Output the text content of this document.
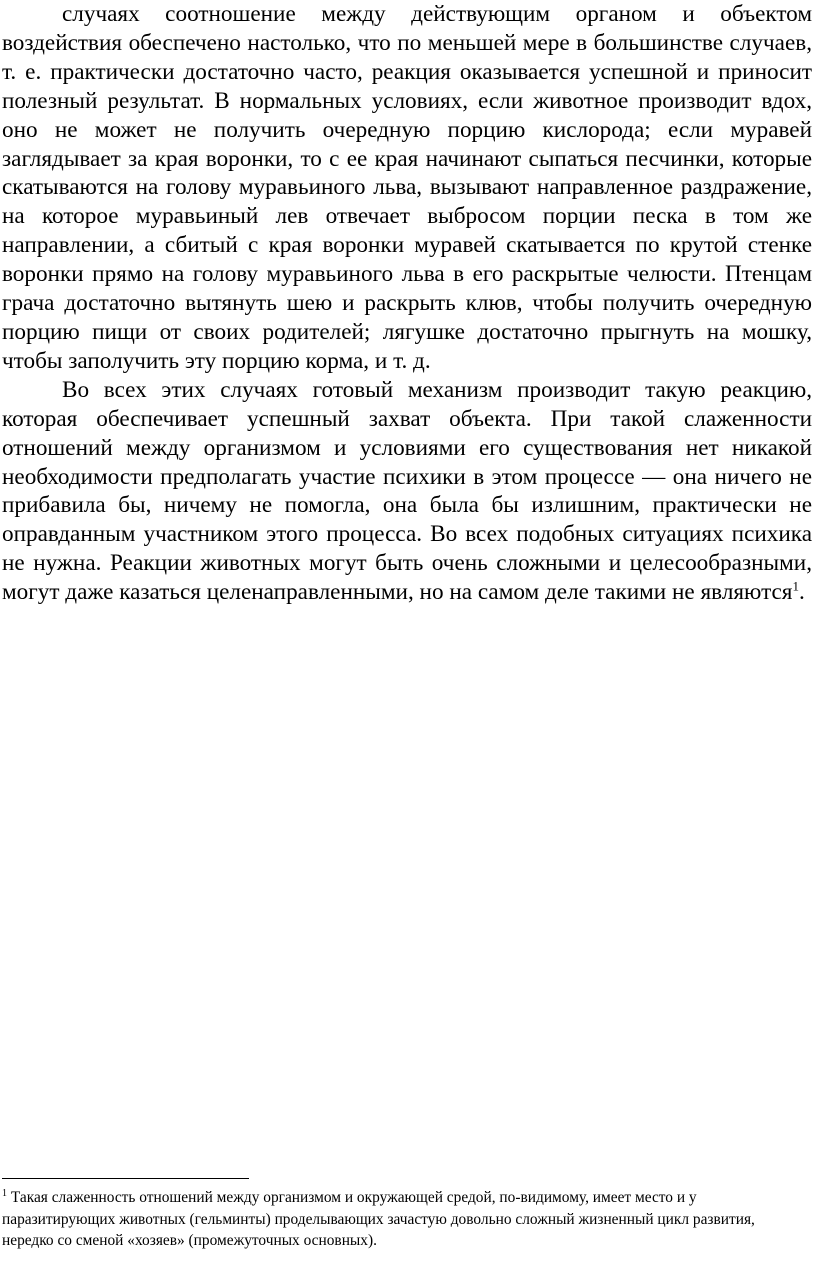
случаях соотношение между действующим органом и объектом воздействия обеспечено настолько, что по меньшей мере в большинстве случаев, т. е. практически достаточно часто, реакция оказывается успешной и приносит полезный результат. В нормальных условиях, если животное производит вдох, оно не может не получить очередную порцию кислорода; если муравей заглядывает за края воронки, то с ее края начинают сыпаться песчинки, которые скатываются на голову муравьиного льва, вызывают направленное раздражение, на которое муравьиный лев отвечает выбросом порции песка в том же направлении, а сбитый с края воронки муравей скатывается по крутой стенке воронки прямо на голову муравьиного льва в его раскрытые челюсти. Птенцам грача достаточно вытянуть шею и раскрыть клюв, чтобы получить очередную порцию пищи от своих родителей; лягушке достаточно прыгнуть на мошку, чтобы заполучить эту порцию корма, и т. д.

Во всех этих случаях готовый механизм производит такую реакцию, которая обеспечивает успешный захват объекта. При такой слаженности отношений между организмом и условиями его существования нет никакой необходимости предполагать участие психики в этом процессе — она ничего не прибавила бы, ничему не помогла, она была бы излишним, практически не оправданным участником этого процесса. Во всех подобных ситуациях психика не нужна. Реакции животных могут быть очень сложными и целесообразными, могут даже казаться целенаправленными, но на самом деле такими не являются$^1$.

$^1$ Такая слаженность отношений между организмом и окружающей средой, по-видимому, имеет место и у паразитирующих животных (гельминты) проделывающих зачастую довольно сложный жизненный цикл развития, нередко со сменой «хозяев» (промежуточных основных).
